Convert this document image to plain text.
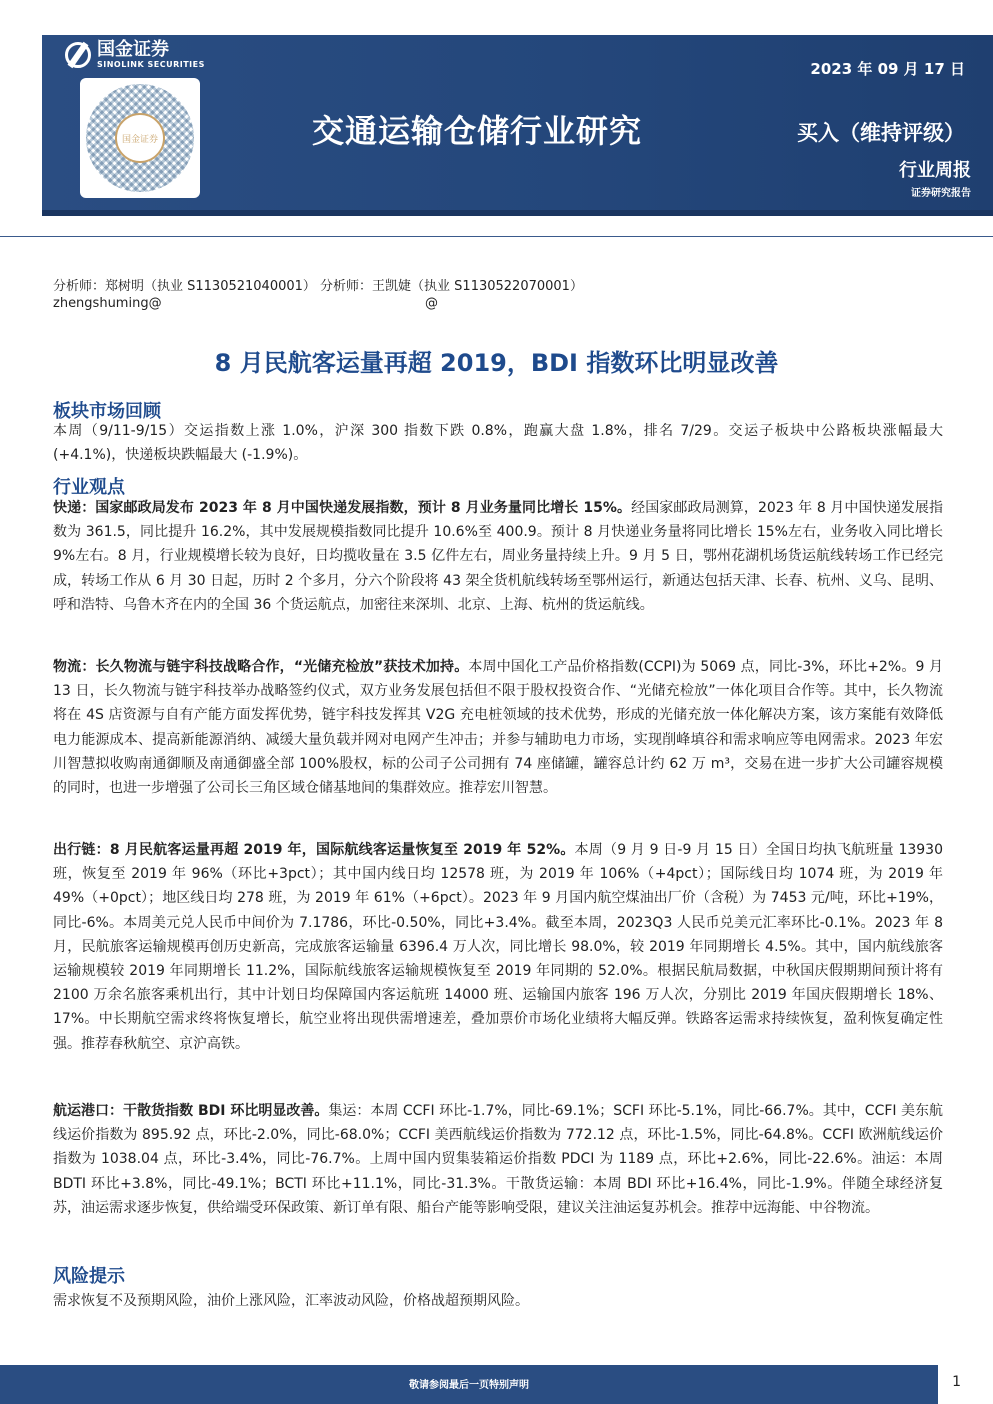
国金证券
SINOLINK SECURITIES
国金证券
2023 年 09 月 17 日
交通运输仓储行业研究	买入（维持评级）
行业周报
证券研究报告
分析师：郑树明（执业 S1130521040001） 分析师：王凯婕（执业 S1130522070001）
zhengshuming@	@
8 月民航客运量再超 2019，BDI 指数环比明显改善
板块市场回顾

本周（9/11-9/15）交运指数上涨 1.0%，沪深 300 指数下跌 0.8%，跑赢大盘 1.8%，排名 7/29。交运子板块中公路板块涨幅最大(+4.1%)，快递板块跌幅最大 (-1.9%)。

行业观点

快递：国家邮政局发布 2023 年 8 月中国快递发展指数，预计 8 月业务量同比增长 15%。经国家邮政局测算，2023 年 8 月中国快递发展指数为 361.5，同比提升 16.2%，其中发展规模指数同比提升 10.6%至 400.9。预计 8 月快递业务量将同比增长 15%左右，业务收入同比增长 9%左右。8 月，行业规模增长较为良好，日均揽收量在 3.5 亿件左右，周业务量持续上升。9 月 5 日，鄂州花湖机场货运航线转场工作已经完成，转场工作从 6 月 30 日起，历时 2 个多月，分六个阶段将 43 架全货机航线转场至鄂州运行，新通达包括天津、长春、杭州、义乌、昆明、呼和浩特、乌鲁木齐在内的全国 36 个货运航点，加密往来深圳、北京、上海、杭州的货运航线。

物流：长久物流与链宇科技战略合作，“光储充检放”获技术加持。本周中国化工产品价格指数(CCPI)为 5069 点，同比-3%，环比+2%。9 月 13 日，长久物流与链宇科技举办战略签约仪式，双方业务发展包括但不限于股权投资合作、“光储充检放”一体化项目合作等。其中，长久物流将在 4S 店资源与自有产能方面发挥优势，链宇科技发挥其 V2G 充电桩领域的技术优势，形成的光储充放一体化解决方案，该方案能有效降低电力能源成本、提高新能源消纳、减缓大量负载并网对电网产生冲击；并参与辅助电力市场，实现削峰填谷和需求响应等电网需求。2023 年宏川智慧拟收购南通御顺及南通御盛全部 100%股权，标的公司子公司拥有 74 座储罐，罐容总计约 62 万 m³，交易在进一步扩大公司罐容规模的同时，也进一步增强了公司长三角区域仓储基地间的集群效应。推荐宏川智慧。

出行链：8 月民航客运量再超 2019 年，国际航线客运量恢复至 2019 年 52%。本周（9 月 9 日-9 月 15 日）全国日均执飞航班量 13930 班，恢复至 2019 年 96%（环比+3pct）；其中国内线日均 12578 班，为 2019 年 106%（+4pct）；国际线日均 1074 班，为 2019 年 49%（+0pct）；地区线日均 278 班，为 2019 年 61%（+6pct）。2023 年 9 月国内航空煤油出厂价（含税）为 7453 元/吨，环比+19%，同比-6%。本周美元兑人民币中间价为 7.1786，环比-0.50%，同比+3.4%。截至本周，2023Q3 人民币兑美元汇率环比-0.1%。2023 年 8 月，民航旅客运输规模再创历史新高，完成旅客运输量 6396.4 万人次，同比增长 98.0%，较 2019 年同期增长 4.5%。其中，国内航线旅客运输规模较 2019 年同期增长 11.2%，国际航线旅客运输规模恢复至 2019 年同期的 52.0%。根据民航局数据，中秋国庆假期期间预计将有 2100 万余名旅客乘机出行，其中计划日均保障国内客运航班 14000 班、运输国内旅客 196 万人次，分别比 2019 年国庆假期增长 18%、17%。中长期航空需求终将恢复增长，航空业将出现供需增速差，叠加票价市场化业绩将大幅反弹。铁路客运需求持续恢复，盈利恢复确定性强。推荐春秋航空、京沪高铁。

航运港口：干散货指数 BDI 环比明显改善。集运：本周 CCFI 环比-1.7%，同比-69.1%；SCFI 环比-5.1%，同比-66.7%。其中，CCFI 美东航线运价指数为 895.92 点，环比-2.0%，同比-68.0%；CCFI 美西航线运价指数为 772.12 点，环比-1.5%，同比-64.8%。CCFI 欧洲航线运价指数为 1038.04 点，环比-3.4%，同比-76.7%。上周中国内贸集装箱运价指数 PDCI 为 1189 点，环比+2.6%，同比-22.6%。油运：本周 BDTI 环比+3.8%，同比-49.1%；BCTI 环比+11.1%，同比-31.3%。干散货运输：本周 BDI 环比+16.4%，同比-1.9%。伴随全球经济复苏，油运需求逐步恢复，供给端受环保政策、新订单有限、船台产能等影响受限，建议关注油运复苏机会。推荐中远海能、中谷物流。

风险提示

需求恢复不及预期风险，油价上涨风险，汇率波动风险，价格战超预期风险。

敬请参阅最后一页特别声明	1
